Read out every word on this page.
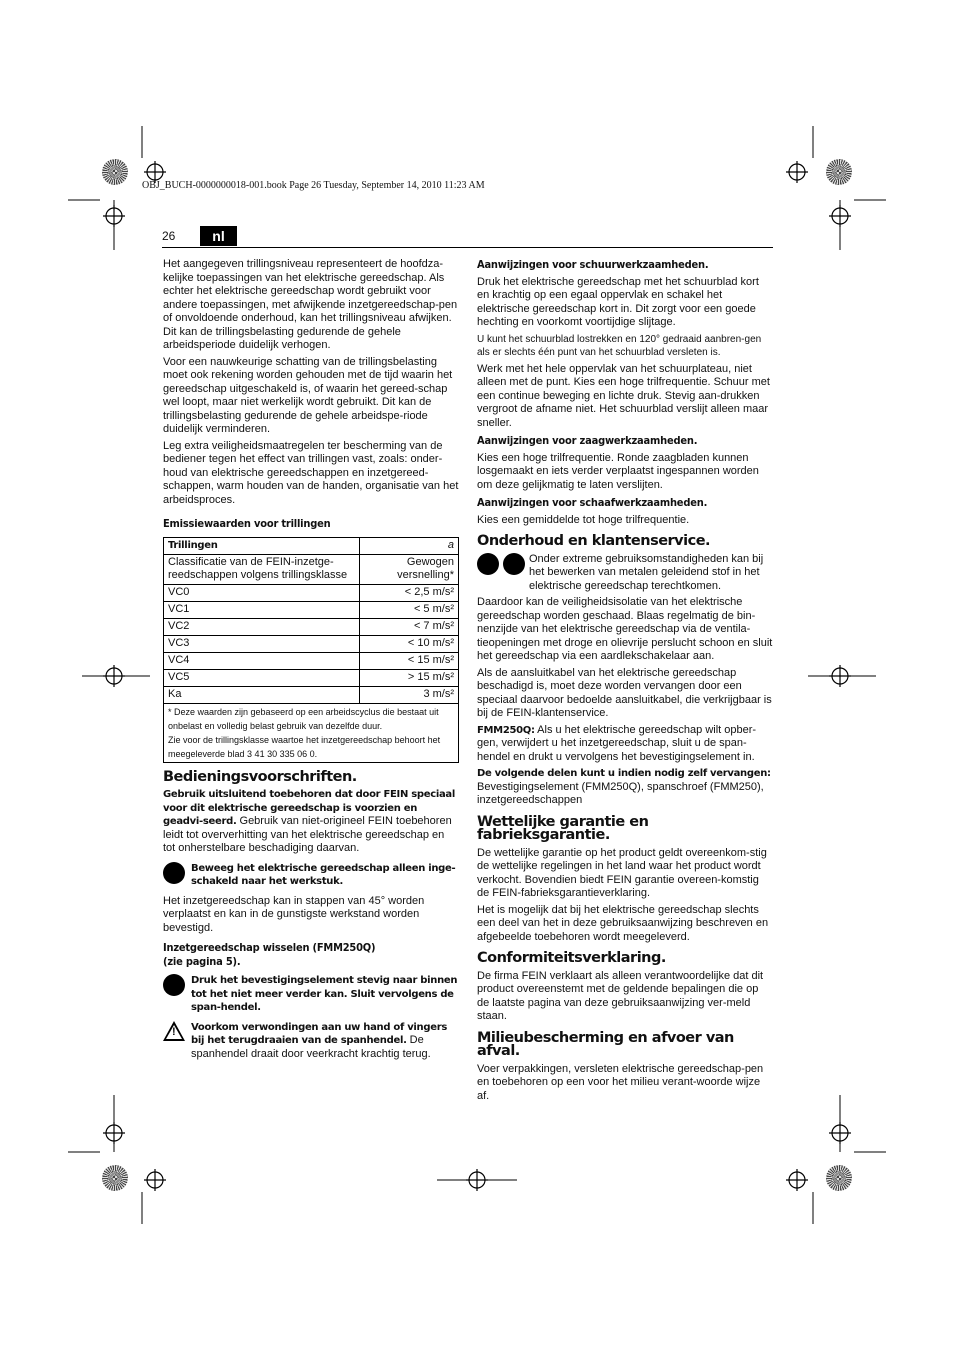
OBJ_BUCH-0000000018-001.book Page 26 Tuesday, September 14, 2010 11:23 AM
26	nl

Het aangegeven trillingsniveau representeert de hoofdza-kelijke toepassingen van het elektrische gereedschap. Als echter het elektrische gereedschap wordt gebruikt voor andere toepassingen, met afwijkende inzetgereedschap-pen of onvoldoende onderhoud, kan het trillingsniveau afwijken. Dit kan de trillingsbelasting gedurende de gehele arbeidsperiode duidelijk verhogen.

Voor een nauwkeurige schatting van de trillingsbelasting moet ook rekening worden gehouden met de tijd waarin het gereedschap uitgeschakeld is, of waarin het gereed-schap wel loopt, maar niet werkelijk wordt gebruikt. Dit kan de trillingsbelasting gedurende de gehele arbeidspe-riode duidelijk verminderen.

Leg extra veiligheidsmaatregelen ter bescherming van de bediener tegen het effect van trillingen vast, zoals: onder-houd van elektrische gereedschappen en inzetgereed-schappen, warm houden van de handen, organisatie van het arbeidsproces.

Emissiewaarden voor trillingen
Trillingen	a
Classificatie van de FEIN-inzetge-reedschappen volgens trillingsklasse	Gewogen versnelling*
VC0	< 2,5 m/s²
VC1	< 5 m/s²
VC2	< 7 m/s²
VC3	< 10 m/s²
VC4	< 15 m/s²
VC5	> 15 m/s²
Ka	3 m/s²

* Deze waarden zijn gebaseerd op een arbeidscyclus die bestaat uit onbelast en volledig belast gebruik van dezelfde duur.
Zie voor de trillingsklasse waartoe het inzetgereedschap behoort het meegeleverde blad 3 41 30 335 06 0.	
Bedieningsvoorschriften.

Gebruik uitsluitend toebehoren dat door FEIN speciaal voor dit elektrische gereedschap is voorzien en geadvi-seerd. Gebruik van niet-origineel FEIN toebehoren leidt tot oververhitting van het elektrische gereedschap en tot onherstelbare beschadiging daarvan.

Beweeg het elektrische gereedschap alleen inge-schakeld naar het werkstuk.

Het inzetgereedschap kan in stappen van 45° worden verplaatst en kan in de gunstigste werkstand worden bevestigd.

Inzetgereedschap wisselen (FMM250Q)
(zie pagina 5).
Druk het bevestigingselement stevig naar binnen tot het niet meer verder kan. Sluit vervolgens de span-hendel.
! Voorkom verwondingen aan uw hand of vingers bij het terugdraaien van de spanhendel. De spanhendel draait door veerkracht krachtig terug.
Aanwijzingen voor schuurwerkzaamheden.

Druk het elektrische gereedschap met het schuurblad kort en krachtig op een egaal oppervlak en schakel het elektrische gereedschap kort in. Dit zorgt voor een goede hechting en voorkomt voortijdige slijtage.

U kunt het schuurblad lostrekken en 120° gedraaid aanbren-gen als er slechts één punt van het schuurblad versleten is.

Werk met het hele oppervlak van het schuurplateau, niet alleen met de punt. Kies een hoge trilfrequentie. Schuur met een continue beweging en lichte druk. Stevig aan-drukken vergroot de afname niet. Het schuurblad verslijt alleen maar sneller.

Aanwijzingen voor zaagwerkzaamheden.

Kies een hoge trilfrequentie. Ronde zaagbladen kunnen losgemaakt en iets verder verplaatst ingespannen worden om deze gelijkmatig te laten verslijten.

Aanwijzingen voor schaafwerkzaamheden.

Kies een gemiddelde tot hoge trilfrequentie.

Onderhoud en klantenservice.

Onder extreme gebruiksomstandigheden kan bij het bewerken van metalen geleidend stof in het elektrische gereedschap terechtkomen.

Daardoor kan de veiligheidsisolatie van het elektrische gereedschap worden geschaad. Blaas regelmatig de bin-nenzijde van het elektrische gereedschap via de ventila-tieopeningen met droge en olievrije perslucht schoon en sluit het gereedschap via een aardlekschakelaar aan.

Als de aansluitkabel van het elektrische gereedschap beschadigd is, moet deze worden vervangen door een speciaal daarvoor bedoelde aansluitkabel, die verkrijgbaar is bij de FEIN-klantenservice.

FMM250Q: Als u het elektrische gereedschap wilt opber-gen, verwijdert u het inzetgereedschap, sluit u de span-hendel en drukt u vervolgens het bevestigingselement in.

De volgende delen kunt u indien nodig zelf vervangen:

Bevestigingselement (FMM250Q), spanschroef (FMM250), inzetgereedschappen

Wettelijke garantie en fabrieksgarantie.

De wettelijke garantie op het product geldt overeenkom-stig de wettelijke regelingen in het land waar het product wordt verkocht. Bovendien biedt FEIN garantie overeen-komstig de FEIN-fabrieksgarantieverklaring.

Het is mogelijk dat bij het elektrische gereedschap slechts een deel van het in deze gebruiksaanwijzing beschreven en afgebeelde toebehoren wordt meegeleverd.

Conformiteitsverklaring.

De firma FEIN verklaart als alleen verantwoordelijke dat dit product overeenstemt met de geldende bepalingen die op de laatste pagina van deze gebruiksaanwijzing ver-meld staan.

Milieubescherming en afvoer van afval.

Voer verpakkingen, versleten elektrische gereedschap-pen en toebehoren op een voor het milieu verant-woorde wijze af.
